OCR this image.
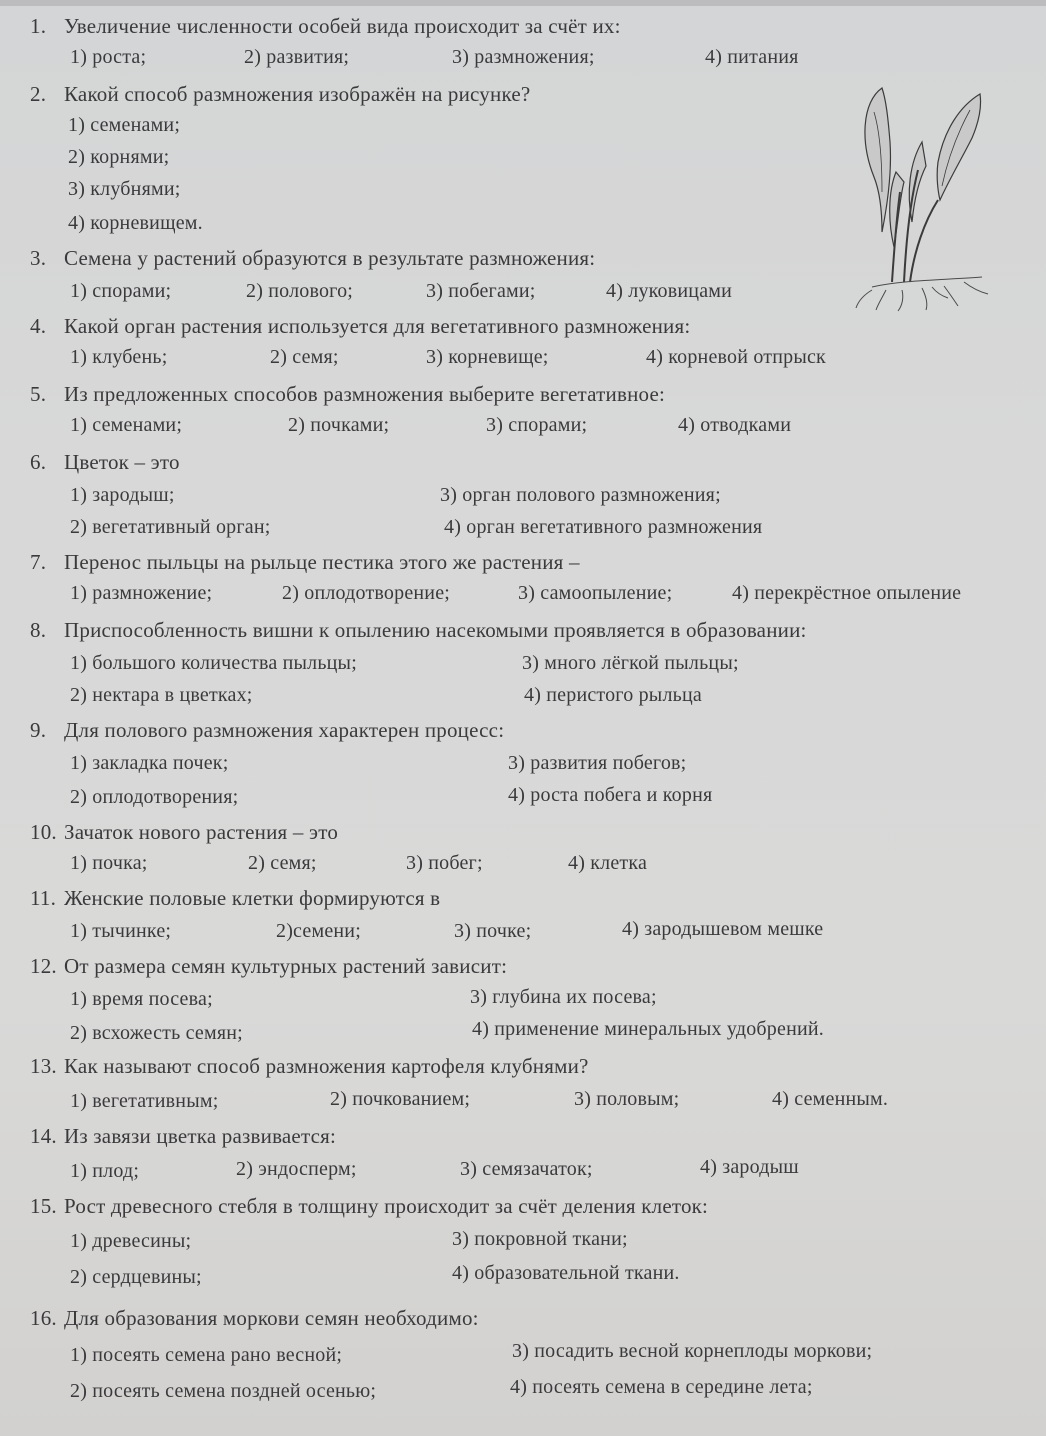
1. Увеличение численности особей вида происходит за счёт их:
1) роста;	2) развития;	3) размножения;	4) питания
2. Какой способ размножения изображён на рисунке?
1) семенами;
2) корнями;
3) клубнями;
4) корневищем.
3. Семена у растений образуются в результате размножения:
1) спорами;	2) полового;	3) побегами;	4) луковицами
4. Какой орган растения используется для вегетативного размножения:
1) клубень;	2) семя;	3) корневище;	4) корневой отпрыск
5. Из предложенных способов размножения выберите вегетативное:
1) семенами;	2) почками;	3) спорами;	4) отводками
6. Цветок – это
1) зародыш;	3) орган полового размножения;
2) вегетативный орган;	4) орган вегетативного размножения
7. Перенос пыльцы на рыльце пестика этого же растения –
1) размножение;	2) оплодотворение;	3) самоопыление;	4) перекрёстное опыление
8. Приспособленность вишни к опылению насекомыми проявляется в образовании:
1) большого количества пыльцы;	3) много лёгкой пыльцы;
2) нектара в цветках;	4) перистого рыльца
9. Для полового размножения характерен процесс:
1) закладка почек;	3) развития побегов;
2) оплодотворения;	4) роста побега и корня
10. Зачаток нового растения – это
1) почка;	2) семя;	3) побег;	4) клетка
11. Женские половые клетки формируются в
1) тычинке;	2)семени;	3) почке;	4) зародышевом мешке
12. От размера семян культурных растений зависит:
1) время посева;	3) глубина их посева;
2) всхожесть семян;	4) применение минеральных удобрений.
13. Как называют способ размножения картофеля клубнями?
1) вегетативным;	2) почкованием;	3) половым;	4) семенным.
14. Из завязи цветка развивается:
1) плод;	2) эндосперм;	3) семязачаток;	4) зародыш
15. Рост древесного стебля в толщину происходит за счёт деления клеток:
1) древесины;	3) покровной ткани;
2) сердцевины;	4) образовательной ткани.
16. Для образования моркови семян необходимо:
1) посеять семена рано весной;	3) посадить весной корнеплоды моркови;
2) посеять семена поздней осенью;	4) посеять семена в середине лета;
